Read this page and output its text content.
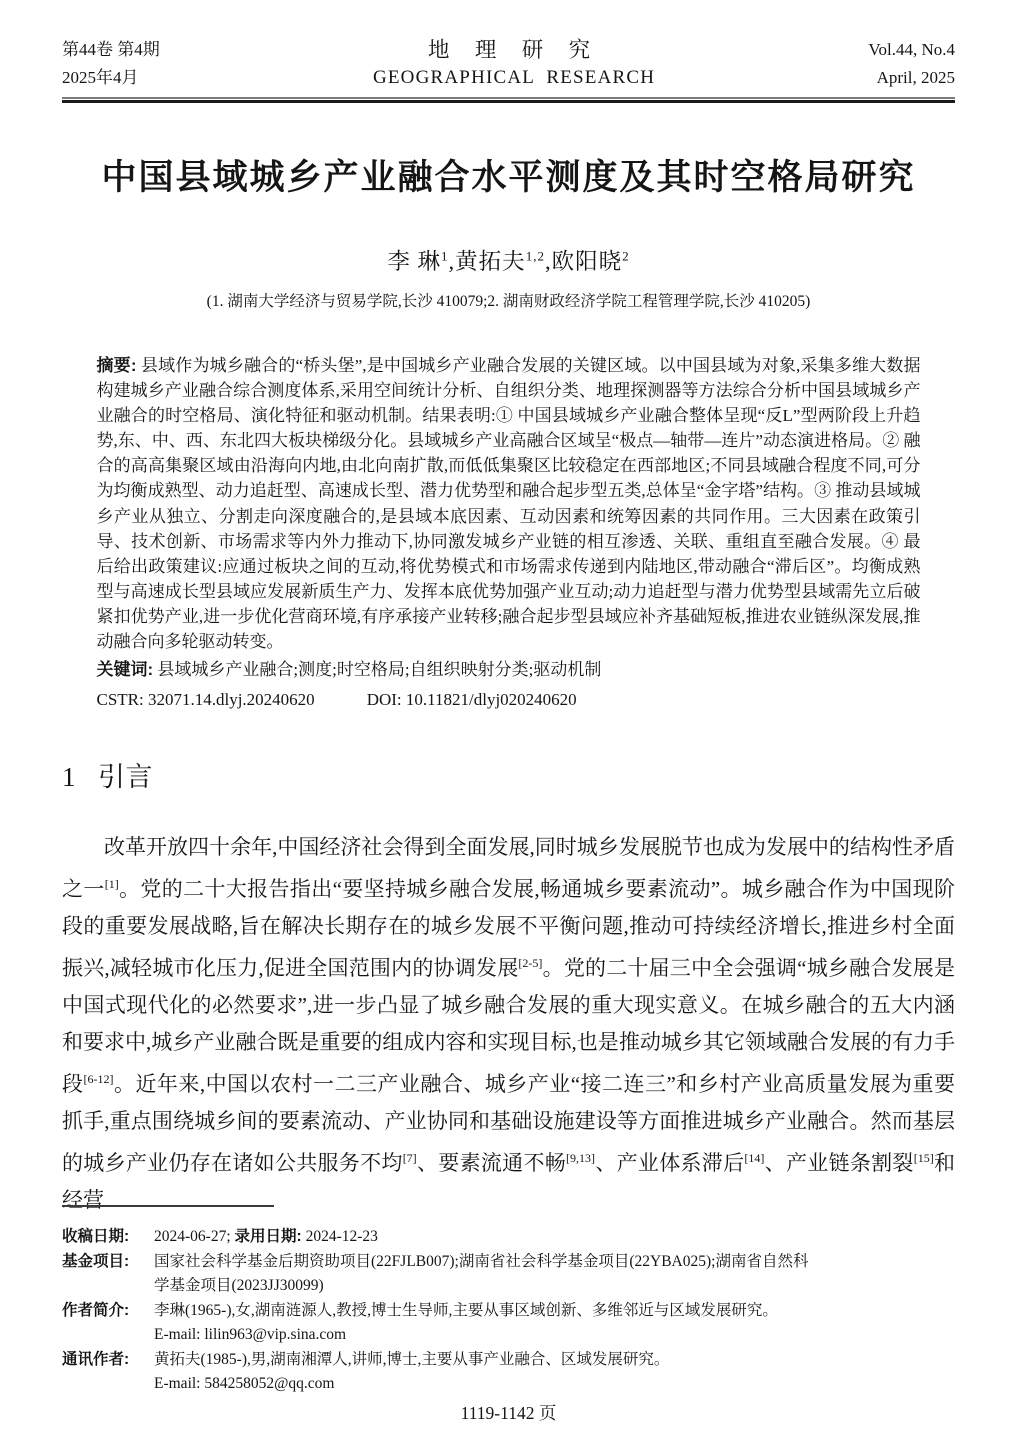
第44卷 第4期
2025年4月
地 理 研 究
GEOGRAPHICAL RESEARCH
Vol.44, No.4
April, 2025
中国县域城乡产业融合水平测度及其时空格局研究
李 琳$^1$,黄拓夫$^{1,2}$,欧阳晓$^2$
(1. 湖南大学经济与贸易学院,长沙 410079;2. 湖南财政经济学院工程管理学院,长沙 410205)

摘要: 县域作为城乡融合的“桥头堡”,是中国城乡产业融合发展的关键区域。以中国县域为对象,采集多维大数据构建城乡产业融合综合测度体系,采用空间统计分析、自组织分类、地理探测器等方法综合分析中国县域城乡产业融合的时空格局、演化特征和驱动机制。结果表明:① 中国县域城乡产业融合整体呈现“反L”型两阶段上升趋势,东、中、西、东北四大板块梯级分化。县域城乡产业高融合区域呈“极点—轴带—连片”动态演进格局。② 融合的高高集聚区域由沿海向内地,由北向南扩散,而低低集聚区比较稳定在西部地区;不同县域融合程度不同,可分为均衡成熟型、动力追赶型、高速成长型、潜力优势型和融合起步型五类,总体呈“金字塔”结构。③ 推动县域城乡产业从独立、分割走向深度融合的,是县域本底因素、互动因素和统筹因素的共同作用。三大因素在政策引导、技术创新、市场需求等内外力推动下,协同激发城乡产业链的相互渗透、关联、重组直至融合发展。④ 最后给出政策建议:应通过板块之间的互动,将优势模式和市场需求传递到内陆地区,带动融合“滞后区”。均衡成熟型与高速成长型县域应发展新质生产力、发挥本底优势加强产业互动;动力追赶型与潜力优势型县域需先立后破紧扣优势产业,进一步优化营商环境,有序承接产业转移;融合起步型县域应补齐基础短板,推进农业链纵深发展,推动融合向多轮驱动转变。

关键词: 县域城乡产业融合;测度;时空格局;自组织映射分类;驱动机制

CSTR: 32071.14.dlyj.20240620	DOI: 10.11821/dlyj020240620

1 引言

改革开放四十余年,中国经济社会得到全面发展,同时城乡发展脱节也成为发展中的结构性矛盾之一[1]。党的二十大报告指出“要坚持城乡融合发展,畅通城乡要素流动”。城乡融合作为中国现阶段的重要发展战略,旨在解决长期存在的城乡发展不平衡问题,推动可持续经济增长,推进乡村全面振兴,减轻城市化压力,促进全国范围内的协调发展[2-5]。党的二十届三中全会强调“城乡融合发展是中国式现代化的必然要求”,进一步凸显了城乡融合发展的重大现实意义。在城乡融合的五大内涵和要求中,城乡产业融合既是重要的组成内容和实现目标,也是推动城乡其它领域融合发展的有力手段[6-12]。近年来,中国以农村一二三产业融合、城乡产业“接二连三”和乡村产业高质量发展为重要抓手,重点围绕城乡间的要素流动、产业协同和基础设施建设等方面推进城乡产业融合。然而基层的城乡产业仍存在诸如公共服务不均[7]、要素流通不畅[9,13]、产业体系滞后[14]、产业链条割裂[15]和经营

收稿日期:	2024-06-27; 录用日期: 2024-12-23
基金项目:	国家社会科学基金后期资助项目(22FJLB007);湖南省社会科学基金项目(22YBA025);湖南省自然科
学基金项目(2023JJ30099)
作者简介:	李琳(1965-),女,湖南涟源人,教授,博士生导师,主要从事区域创新、多维邻近与区域发展研究。
E-mail: lilin963@vip.sina.com
通讯作者:	黄拓夫(1985-),男,湖南湘潭人,讲师,博士,主要从事产业融合、区域发展研究。
E-mail: 584258052@qq.com
1119-1142 页
